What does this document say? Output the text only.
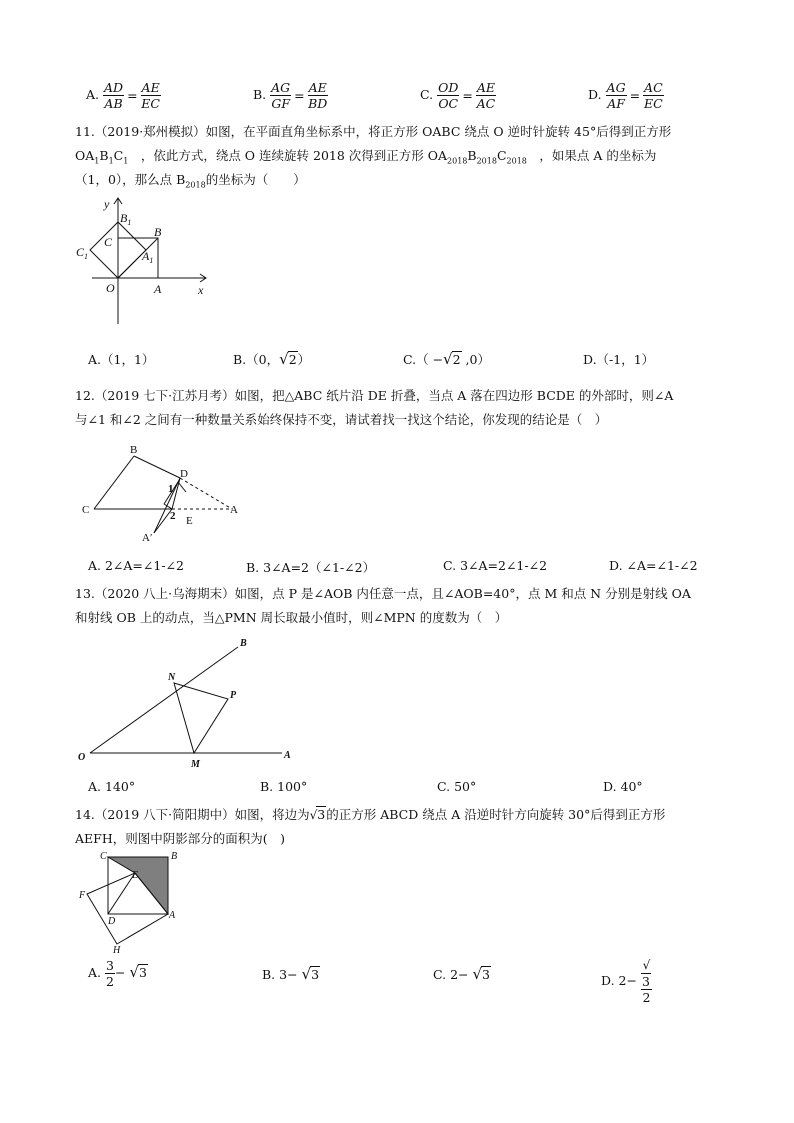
A. $\frac{AD}{AB} = \frac{AE}{EC}$	B. $\frac{AG}{GF} = \frac{AE}{BD}$	C. $\frac{OD}{OC} = \frac{AE}{AC}$	D. $\frac{AG}{AF} = \frac{AC}{EC}$
11.（2019·郑州模拟）如图，在平面直角坐标系中，将正方形 OABC 绕点 O 逆时针旋转 45°后得到正方形
$OA_1B_1C_1$　，依此方式，绕点 O 连续旋转 2018 次得到正方形 $OA_{2018}B_{2018}C_{2018}$　，如果点 A 的坐标为
（1，0），那么点 $B_{2018}$的坐标为（　　）
y
x
$B_1$
B
C
$C_1$	$A_1$
O	A
A.（1，1）	B.（0，√2）	C.（ −√2 ,0）	D.（-1，1）
12.（2019 七下·江苏月考）如图，把△ABC 纸片沿 DE 折叠，当点 A 落在四边形 BCDE 的外部时，则∠A
与∠1 和∠2 之间有一种数量关系始终保持不变，请试着找一找这个结论，你发现的结论是（　）
B
C
D
E
A
A′
1
2
A. 2∠A=∠1-∠2	B. 3∠A=2（∠1-∠2）	C. 3∠A=2∠1-∠2	D. ∠A=∠1-∠2
13.（2020 八上·乌海期末）如图，点 P 是∠AOB 内任意一点，且∠AOB=40°，点 M 和点 N 分别是射线 OA
和射线 OB 上的动点，当△PMN 周长取最小值时，则∠MPN 的度数为（　）
B
N
P
O
M
A
A. 140°	B. 100°	C. 50°	D. 40°
14.（2019 八下·简阳期中）如图，将边为√3的正方形 ABCD 绕点 A 沿逆时针方向旋转 30°后得到正方形
AEFH，则图中阴影部分的面积为(　)
C	B
E
F
D
A
H
A. $\frac{3}{2} - √3$	B. 3− √3	C. 2− √3	D. 2− √
3
2
